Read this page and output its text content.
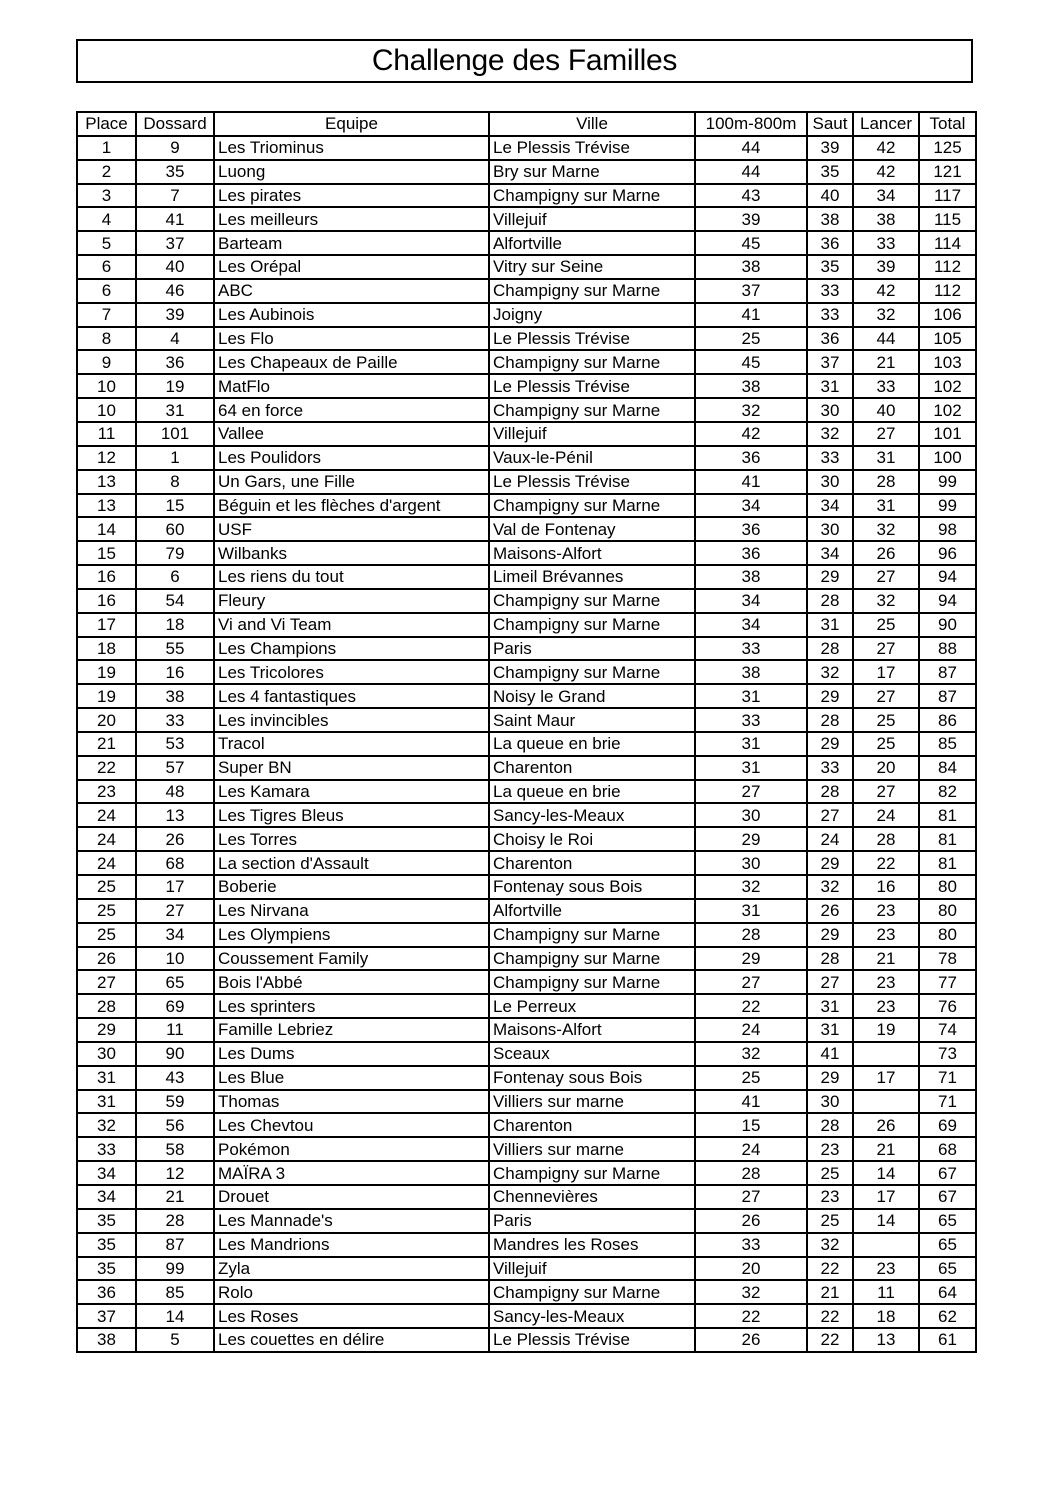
Challenge des Familles
Place	Dossard	Equipe	Ville	100m-800m	Saut	Lancer	Total
1	9	Les Triominus	Le Plessis Trévise	44	39	42	125
2	35	Luong	Bry sur Marne	44	35	42	121
3	7	Les pirates	Champigny sur Marne	43	40	34	117
4	41	Les meilleurs	Villejuif	39	38	38	115
5	37	Barteam	Alfortville	45	36	33	114
6	40	Les Orépal	Vitry sur Seine	38	35	39	112
6	46	ABC	Champigny sur Marne	37	33	42	112
7	39	Les Aubinois	Joigny	41	33	32	106
8	4	Les Flo	Le Plessis Trévise	25	36	44	105
9	36	Les Chapeaux de Paille	Champigny sur Marne	45	37	21	103
10	19	MatFlo	Le Plessis Trévise	38	31	33	102
10	31	64 en force	Champigny sur Marne	32	30	40	102
11	101	Vallee	Villejuif	42	32	27	101
12	1	Les Poulidors	Vaux-le-Pénil	36	33	31	100
13	8	Un Gars, une Fille	Le Plessis Trévise	41	30	28	99
13	15	Béguin et les flèches d'argent	Champigny sur Marne	34	34	31	99
14	60	USF	Val de Fontenay	36	30	32	98
15	79	Wilbanks	Maisons-Alfort	36	34	26	96
16	6	Les riens du tout	Limeil Brévannes	38	29	27	94
16	54	Fleury	Champigny sur Marne	34	28	32	94
17	18	Vi and Vi Team	Champigny sur Marne	34	31	25	90
18	55	Les Champions	Paris	33	28	27	88
19	16	Les Tricolores	Champigny sur Marne	38	32	17	87
19	38	Les 4 fantastiques	Noisy le Grand	31	29	27	87
20	33	Les invincibles	Saint Maur	33	28	25	86
21	53	Tracol	La queue en brie	31	29	25	85
22	57	Super BN	Charenton	31	33	20	84
23	48	Les Kamara	La queue en brie	27	28	27	82
24	13	Les Tigres Bleus	Sancy-les-Meaux	30	27	24	81
24	26	Les Torres	Choisy le Roi	29	24	28	81
24	68	La section d'Assault	Charenton	30	29	22	81
25	17	Boberie	Fontenay sous Bois	32	32	16	80
25	27	Les Nirvana	Alfortville	31	26	23	80
25	34	Les Olympiens	Champigny sur Marne	28	29	23	80
26	10	Coussement Family	Champigny sur Marne	29	28	21	78
27	65	Bois l'Abbé	Champigny sur Marne	27	27	23	77
28	69	Les sprinters	Le Perreux	22	31	23	76
29	11	Famille Lebriez	Maisons-Alfort	24	31	19	74
30	90	Les Dums	Sceaux	32	41		73
31	43	Les Blue	Fontenay sous Bois	25	29	17	71
31	59	Thomas	Villiers sur marne	41	30		71
32	56	Les Chevtou	Charenton	15	28	26	69
33	58	Pokémon	Villiers sur marne	24	23	21	68
34	12	MAÏRA 3	Champigny sur Marne	28	25	14	67
34	21	Drouet	Chennevières	27	23	17	67
35	28	Les Mannade's	Paris	26	25	14	65
35	87	Les Mandrions	Mandres les Roses	33	32		65
35	99	Zyla	Villejuif	20	22	23	65
36	85	Rolo	Champigny sur Marne	32	21	11	64
37	14	Les Roses	Sancy-les-Meaux	22	22	18	62
38	5	Les couettes en délire	Le Plessis Trévise	26	22	13	61
